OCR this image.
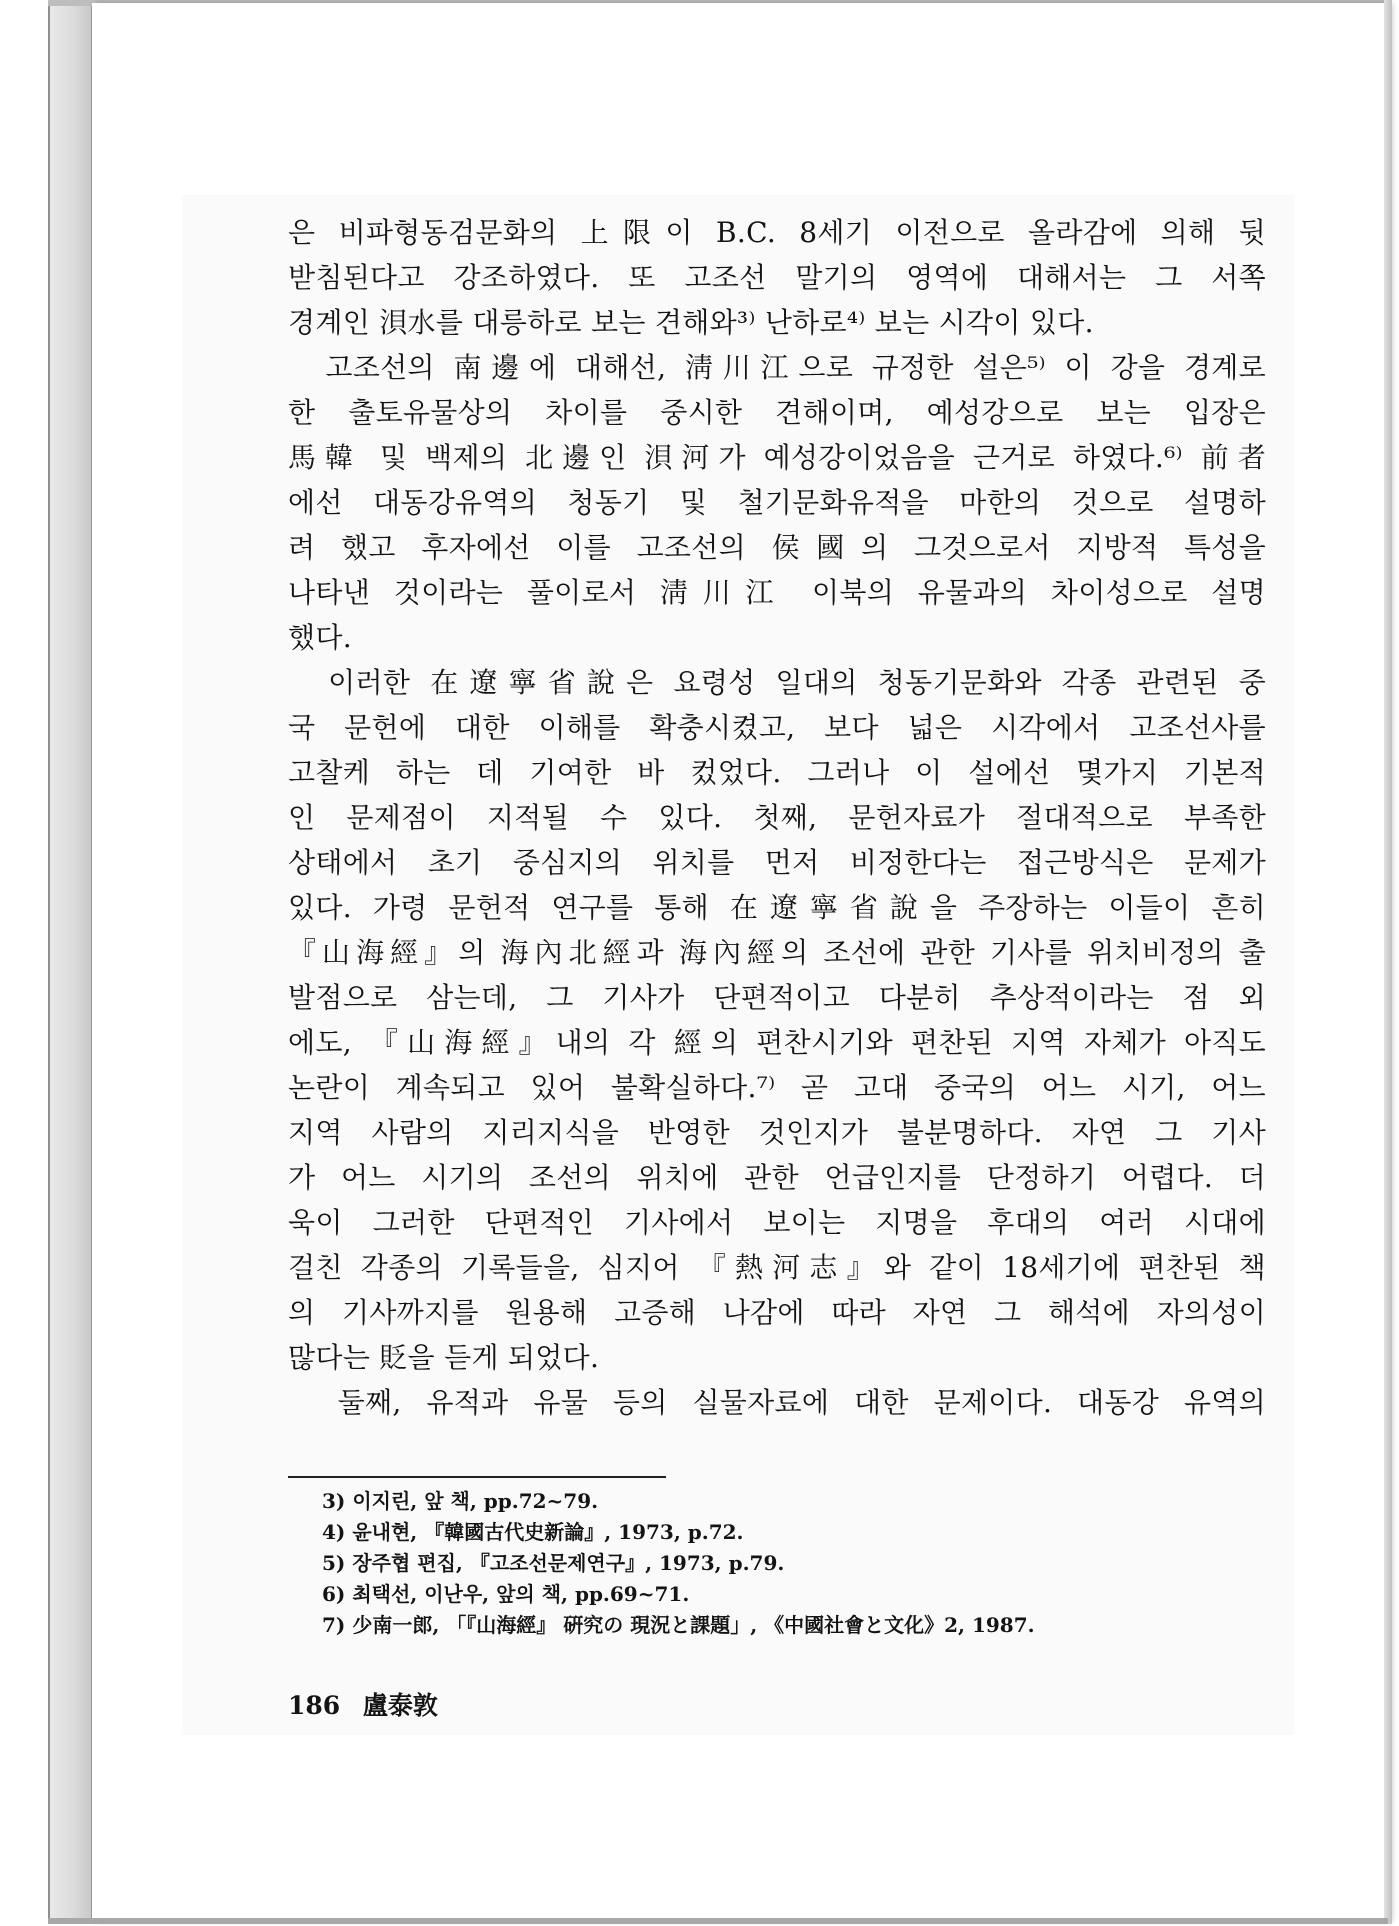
은 비파형동검문화의 上限이 B.C. 8세기 이전으로 올라감에 의해 뒷
받침된다고 강조하였다. 또 고조선 말기의 영역에 대해서는 그 서쪽
경계인 浿水를 대릉하로 보는 견해와³⁾ 난하로⁴⁾ 보는 시각이 있다.
고조선의 南邊에 대해선, 淸川江으로 규정한 설은⁵⁾ 이 강을 경계로
한 출토유물상의 차이를 중시한 견해이며, 예성강으로 보는 입장은
馬韓 및 백제의 北邊인 浿河가 예성강이었음을 근거로 하였다.⁶⁾ 前者
에선 대동강유역의 청동기 및 철기문화유적을 마한의 것으로 설명하
려 했고 후자에선 이를 고조선의 侯國의 그것으로서 지방적 특성을
나타낸 것이라는 풀이로서 淸川江 이북의 유물과의 차이성으로 설명
했다.
이러한 在遼寧省說은 요령성 일대의 청동기문화와 각종 관련된 중
국 문헌에 대한 이해를 확충시켰고, 보다 넓은 시각에서 고조선사를
고찰케 하는 데 기여한 바 컸었다. 그러나 이 설에선 몇가지 기본적
인 문제점이 지적될 수 있다. 첫째, 문헌자료가 절대적으로 부족한
상태에서 초기 중심지의 위치를 먼저 비정한다는 접근방식은 문제가
있다. 가령 문헌적 연구를 통해 在遼寧省說을 주장하는 이들이 흔히
『山海經』의 海內北經과 海內經의 조선에 관한 기사를 위치비정의 출
발점으로 삼는데, 그 기사가 단편적이고 다분히 추상적이라는 점 외
에도, 『山海經』내의 각 經의 편찬시기와 편찬된 지역 자체가 아직도
논란이 계속되고 있어 불확실하다.⁷⁾ 곧 고대 중국의 어느 시기, 어느
지역 사람의 지리지식을 반영한 것인지가 불분명하다. 자연 그 기사
가 어느 시기의 조선의 위치에 관한 언급인지를 단정하기 어렵다. 더
욱이 그러한 단편적인 기사에서 보이는 지명을 후대의 여러 시대에
걸친 각종의 기록들을, 심지어 『熱河志』와 같이 18세기에 편찬된 책
의 기사까지를 원용해 고증해 나감에 따라 자연 그 해석에 자의성이
많다는 貶을 듣게 되었다.
둘째, 유적과 유물 등의 실물자료에 대한 문제이다. 대동강 유역의
3) 이지린, 앞 책, pp.72~79.
4) 윤내현, 『韓國古代史新論』, 1973, p.72.
5) 장주협 편집, 『고조선문제연구』, 1973, p.79.
6) 최택선, 이난우, 앞의 책, pp.69~71.
7) 少南一郎, 「『山海經』 硏究の 現況と課題」, 《中國社會と文化》2, 1987.
186 盧泰敦
